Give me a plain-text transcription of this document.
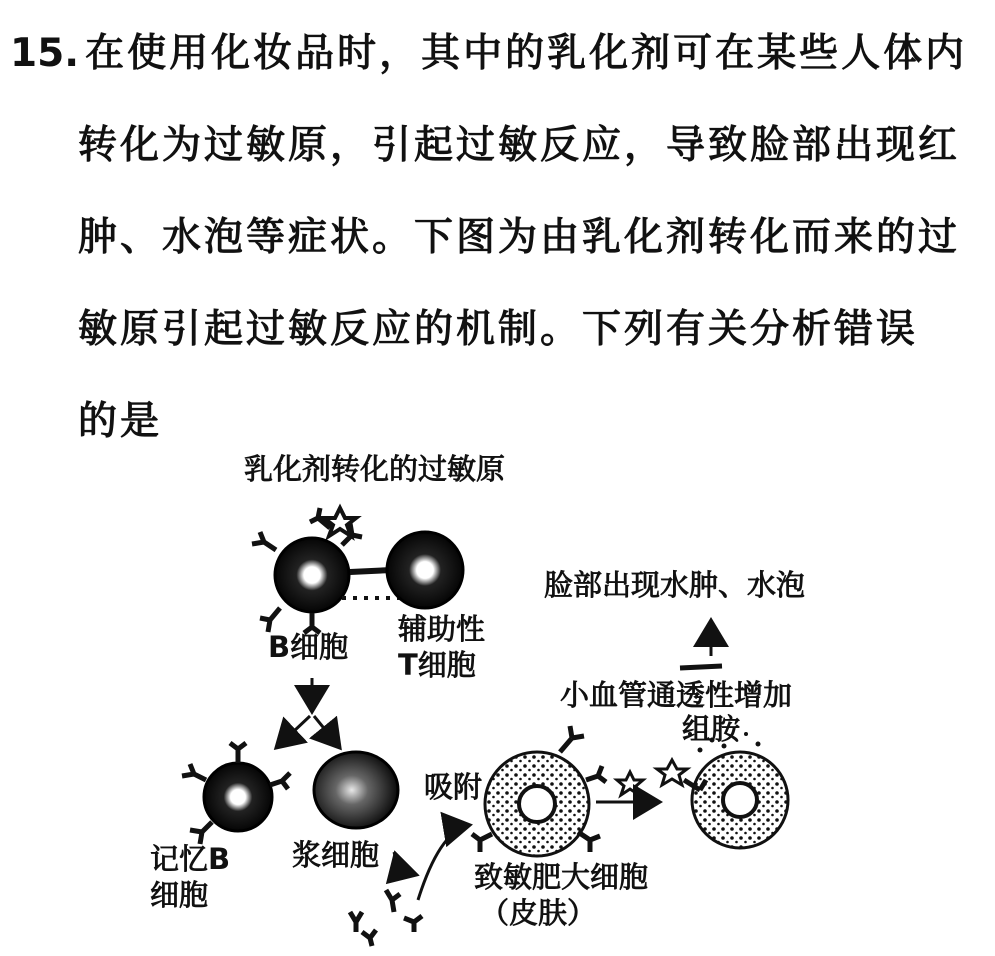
15. 在使用化妆品时，其中的乳化剂可在某些人体内
转化为过敏原，引起过敏反应，导致脸部出现红
肿、水泡等症状。下图为由乳化剂转化而来的过
敏原引起过敏反应的机制。下列有关分析错误
的是
乳化剂转化的过敏原
B细胞
辅助性
T细胞
脸部出现水肿、水泡
小血管通透性增加
组胺
吸附
记忆B
细胞
浆细胞
致敏肥大细胞
（皮肤）
